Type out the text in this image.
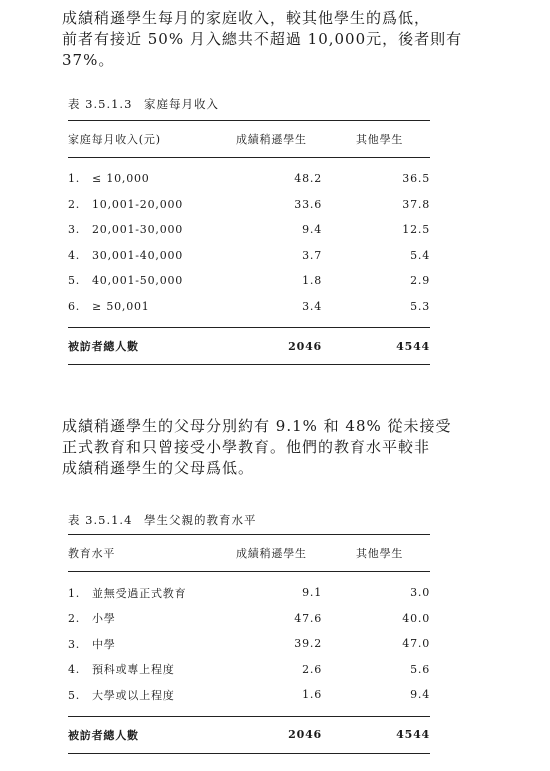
成績稍遜學生每月的家庭收入，較其他學生的爲低，
前者有接近 50% 月入總共不超過 10,000元，後者則有
37%。
表 3.5.1.3 家庭每月收入
家庭每月收入(元)	成績稍遜學生	其他學生
1. ≤ 10,000	48.2	36.5
2. 10,001-20,000	33.6	37.8
3. 20,001-30,000	9.4	12.5
4. 30,001-40,000	3.7	5.4
5. 40,001-50,000	1.8	2.9
6. ≥ 50,001	3.4	5.3
被訪者總人數	2046	4544
成績稍遜學生的父母分別約有 9.1% 和 48% 從未接受
正式教育和只曾接受小學教育。他們的教育水平較非
成績稍遜學生的父母爲低。
表 3.5.1.4 學生父親的教育水平
教育水平	成績稍遜學生	其他學生
1. 並無受過正式教育	9.1	3.0
2. 小學	47.6	40.0
3. 中學	39.2	47.0
4. 預科或專上程度	2.6	5.6
5. 大學或以上程度	1.6	9.4
被訪者總人數	2046	4544
